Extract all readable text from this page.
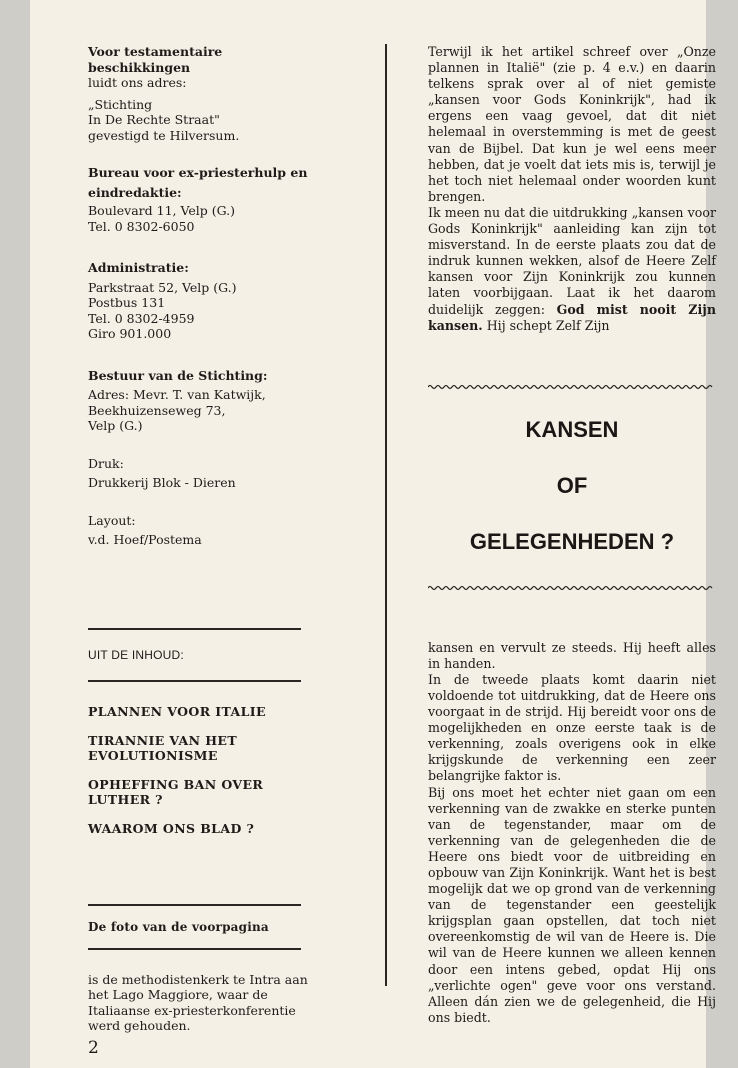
Voor testamentaire beschikkingen

luidt ons adres:

„Stichting

In De Rechte Straat"

gevestigd te Hilversum.

Bureau voor ex-priesterhulp en eindredaktie:

Boulevard 11, Velp (G.)

Tel. 0 8302-6050

Administratie:

Parkstraat 52, Velp (G.)

Postbus 131

Tel. 0 8302-4959

Giro 901.000

Bestuur van de Stichting:

Adres: Mevr. T. van Katwijk,

Beekhuizenseweg 73,

Velp (G.)

Druk:

Drukkerij Blok - Dieren

Layout:

v.d. Hoef/Postema

UIT DE INHOUD:
PLANNEN VOOR ITALIE
TIRANNIE VAN HET EVOLUTIONISME
OPHEFFING BAN OVER LUTHER ?
WAAROM ONS BLAD ?
De foto van de voorpagina
is de methodistenkerk te Intra aan het Lago Maggiore, waar de Italiaanse ex-priesterkonferentie werd gehouden.
2

Terwijl ik het artikel schreef over „Onze plannen in Italië" (zie p. 4 e.v.) en daarin telkens sprak over al of niet gemiste „kansen voor Gods Koninkrijk", had ik ergens een vaag gevoel, dat dit niet helemaal in overstemming is met de geest van de Bijbel. Dat kun je wel eens meer hebben, dat je voelt dat iets mis is, terwijl je het toch niet helemaal onder woorden kunt brengen.

Ik meen nu dat die uitdrukking „kansen voor Gods Koninkrijk" aanleiding kan zijn tot misverstand. In de eerste plaats zou dat de indruk kunnen wekken, alsof de Heere Zelf kansen voor Zijn Koninkrijk zou kunnen laten voorbijgaan. Laat ik het daarom duidelijk zeggen: God mist nooit Zijn kansen. Hij schept Zelf Zijn

KANSEN
OF
GELEGENHEDEN ?

kansen en vervult ze steeds. Hij heeft alles in handen.

In de tweede plaats komt daarin niet voldoende tot uitdrukking, dat de Heere ons voorgaat in de strijd. Hij bereidt voor ons de mogelijkheden en onze eerste taak is de verkenning, zoals overigens ook in elke krijgskunde de verkenning een zeer belangrijke faktor is.

Bij ons moet het echter niet gaan om een verkenning van de zwakke en sterke punten van de tegenstander, maar om de verkenning van de gelegenheden die de Heere ons biedt voor de uitbreiding en opbouw van Zijn Koninkrijk. Want het is best mogelijk dat we op grond van de verkenning van de tegenstander een geestelijk krijgsplan gaan opstellen, dat toch niet overeenkomstig de wil van de Heere is. Die wil van de Heere kunnen we alleen kennen door een intens gebed, opdat Hij ons „verlichte ogen" geve voor ons verstand. Alleen dán zien we de gelegenheid, die Hij ons biedt.
